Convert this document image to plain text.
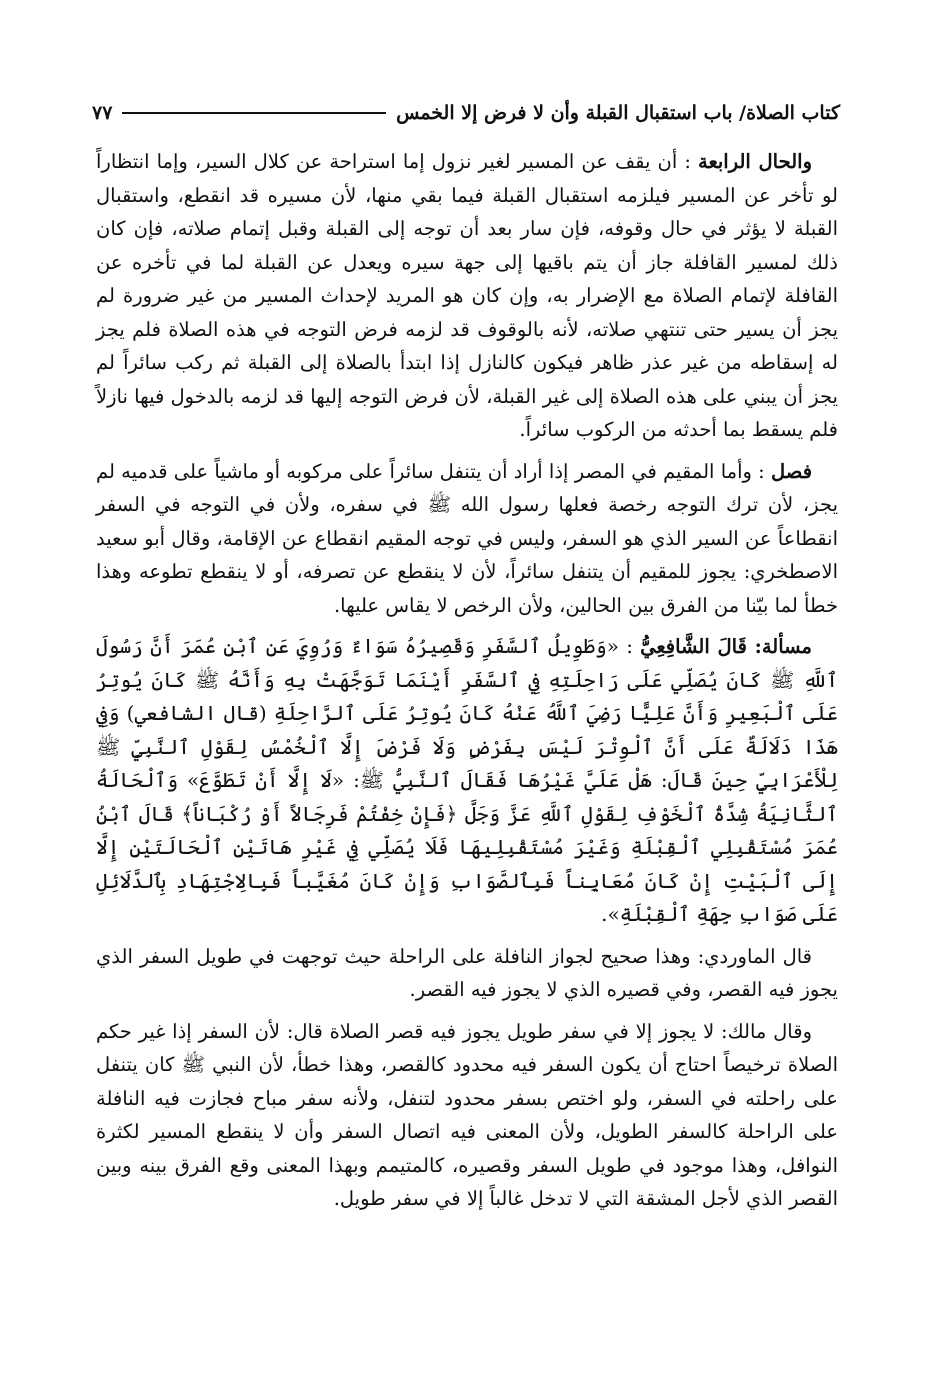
كتاب الصلاة/ باب استقبال القبلة وأن لا فرض إلا الخمس
٧٧

والحال الرابعة : أن يقف عن المسير لغير نزول إما استراحة عن كلال السير، وإما انتظاراً لو تأخر عن المسير فيلزمه استقبال القبلة فيما بقي منها، لأن مسيره قد انقطع، واستقبال القبلة لا يؤثر في حال وقوفه، فإن سار بعد أن توجه إلى القبلة وقبل إتمام صلاته، فإن كان ذلك لمسير القافلة جاز أن يتم باقيها إلى جهة سيره ويعدل عن القبلة لما في تأخره عن القافلة لإتمام الصلاة مع الإضرار به، وإن كان هو المريد لإحداث المسير من غير ضرورة لم يجز أن يسير حتى تنتهي صلاته، لأنه بالوقوف قد لزمه فرض التوجه في هذه الصلاة فلم يجز له إسقاطه من غير عذر ظاهر فيكون كالنازل إذا ابتدأ بالصلاة إلى القبلة ثم ركب سائراً لم يجز أن يبني على هذه الصلاة إلى غير القبلة، لأن فرض التوجه إليها قد لزمه بالدخول فيها نازلاً فلم يسقط بما أحدثه من الركوب سائراً.

فصل : وأما المقيم في المصر إذا أراد أن يتنفل سائراً على مركوبه أو ماشياً على قدميه لم يجز، لأن ترك التوجه رخصة فعلها رسول الله ﷺ في سفره، ولأن في التوجه في السفر انقطاعاً عن السير الذي هو السفر، وليس في توجه المقيم انقطاع عن الإقامة، وقال أبو سعيد الاصطخري: يجوز للمقيم أن يتنفل سائراً، لأن لا ينقطع عن تصرفه، أو لا ينقطع تطوعه وهذا خطأ لما بيّنا من الفرق بين الحالين، ولأن الرخص لا يقاس عليها.

مسألة: قَالَ الشَّافِعِيُّ : «وَطَوِيلُ ٱلسَّفَرِ وَقَصِيرُهُ سَوَاءٌ وَرُوِيَ عَنِ ٱبْنِ عُمَرَ أَنَّ رَسُولَ ٱللَّهِ ﷺ كَانَ يُصَلِّي عَلَى رَاحِلَتِهِ فِي ٱلسَّفَرِ أَيْنَمَا تَوَجَّهَتْ بِهِ وَأَنَّهُ ﷺ كَانَ يُوتِرُ عَلَى ٱلْبَعِيرِ وَأَنَّ عَلِيًّا رَضِيَ ٱللَّهُ عَنْهُ كَانَ يُوتِرُ عَلَى ٱلرَّاحِلَةِ (قال الشافعي) وَفِي هَذَا دَلَالَةٌ عَلَى أَنَّ ٱلْوِتْرَ لَيْسَ بِفَرْضٍ وَلَا فَرْضَ إِلَّا ٱلْخُمْسُ لِقَوْلِ ٱلنَّبِيِّ ﷺ لِلْأَعْرَابِيِّ حِينَ قَالَ: هَلْ عَلَيَّ غَيْرُهَا فَقَالَ ٱلنَّبِيُّ ﷺ: «لَا إِلَّا أَنْ تَطَوَّعَ» وَٱلْحَالَةُ ٱلثَّانِيَةُ شِدَّةُ ٱلْخَوْفِ لِقَوْلِ ٱللَّهِ عَزَّ وَجَلَّ ﴿فَإِنْ خِفْتُمْ فَرِجَالاً أَوْ رُكْبَاناً﴾ قَالَ ٱبْنُ عُمَرَ مُسْتَقْبِلِي ٱلْقِبْلَةِ وَغَيْرَ مُسْتَقْبِلِيهَا فَلَا يُصَلِّي فِي غَيْرِ هَاتَيْنِ ٱلْحَالَتَيْنِ إِلَّا إِلَى ٱلْبَيْتِ إِنْ كَانَ مُعَايِناً فَبِٱلصَّوَابِ وَإِنْ كَانَ مُغَيَّباً فَبِالِاجْتِهَادِ بِٱلدَّلَائِلِ عَلَى صَوَابِ جِهَةِ ٱلْقِبْلَةِ».

قال الماوردي: وهذا صحيح لجواز النافلة على الراحلة حيث توجهت في طويل السفر الذي يجوز فيه القصر، وفي قصيره الذي لا يجوز فيه القصر.

وقال مالك: لا يجوز إلا في سفر طويل يجوز فيه قصر الصلاة قال: لأن السفر إذا غير حكم الصلاة ترخيصاً احتاج أن يكون السفر فيه محدود كالقصر، وهذا خطأ، لأن النبي ﷺ كان يتنفل على راحلته في السفر، ولو اختص بسفر محدود لتنفل، ولأنه سفر مباح فجازت فيه النافلة على الراحلة كالسفر الطويل، ولأن المعنى فيه اتصال السفر وأن لا ينقطع المسير لكثرة النوافل، وهذا موجود في طويل السفر وقصيره، كالمتيمم وبهذا المعنى وقع الفرق بينه وبين القصر الذي لأجل المشقة التي لا تدخل غالباً إلا في سفر طويل.
